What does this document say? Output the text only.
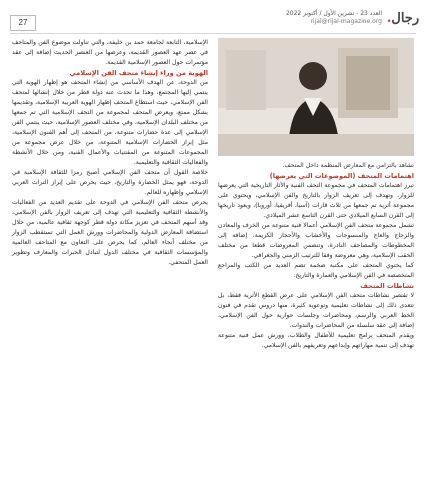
27
العدد 23 - تشرين الأول / أكتوبر 2022
rijal@rijal-magazine.org رجال.

الإسلامية، التابعة لجامعة حمد بن خليفة، والتي تناولت موضوع الفن والمتاحف في عصر عهد العصور القديمة، وعرضها من العنصر الحديث إضافة إلى عقد مؤتمرات حول العصور الإسلامية القديمة.

الهوية من وراء إنشاء متحف الفن الإسلامي

من الدوحة، عن الهدف الأساسي من إنشاء المتحف هو إظهار الهوية التي ينتمي إليها المجتمع، وهذا ما تحدث عنه دولة قطر من خلال إنشائها لمتحف الفن الإسلامي، حيث استطاع المتحف إظهار الهوية العربية الإسلامية، وتقديمها بشكل ممتع، ويعرض المتحف لمجموعة من التحف الإسلامية التي تم جمعها من مختلف البلدان الإسلامية، وفي مختلف العصور الإسلامية، حيث ينتمي الفن الإسلامي إلى عدة حضارات متنوعة، من المتحف إلى أهم الفنون الإسلامية، مثل إبراز الحضارات الإسلامية المتنوعة، من خلال عرض مجموعة من المجموعات المتنوعة من المقتنيات والأعمال الفنية، ومن خلال الأنشطة والفعاليات الثقافية والتعليمية.

خلاصة القول أن متحف الفن الإسلامي أصبح رمزا للثقافة الإسلامية في الدوحة، فهو يمثل الحضارة والتاريخ، حيث يحرص على إبراز التراث العربي الإسلامي وإظهاره للعالم.

يحرص متحف الفن الإسلامي في الدوحة على تقديم العديد من الفعاليات والأنشطة الثقافية والتعليمية التي تهدف إلى تعريف الزوار بالفن الإسلامي، وقد أسهم المتحف في تعزيز مكانة دولة قطر كوجهة ثقافية عالمية، من خلال استضافة المعارض الدولية والمحاضرات وورش العمل التي تستقطب الزوار من مختلف أنحاء العالم، كما يحرص على التعاون مع المتاحف العالمية والمؤسسات الثقافية في مختلف الدول لتبادل الخبرات والمعارف وتطوير العمل المتحفي.

تشاهد بالتزامن مع المعارض المنظمة داخل المتحف.

اهتمامات المتحف (الموضوعات التي يعرضها)

تبرز اهتمامات المتحف في مجموعة التحف الفنية والآثار التاريخية التي يعرضها للزوار، وتهدف إلى تعريف الزوار بالتاريخ والفن الإسلامي، ويحتوي على مجموعة أثرية تم جمعها من ثلاث قارات (آسيا، أفريقيا، أوروبا)، ويعود تاريخها إلى القرن السابع الميلادي حتى القرن التاسع عشر الميلادي.

تشمل مجموعة متحف الفن الإسلامي أعمالا فنية متنوعة من الخزف والمعادن والزجاج والعاج والمنسوجات والأخشاب والأحجار الكريمة، إضافة إلى المخطوطات والمصاحف النادرة، وتتضمن المعروضات قطعا من مختلف الحقب الإسلامية، وهي معروضة وفقا للترتيب الزمني والجغرافي.

كما يحتوي المتحف على مكتبة ضخمة تضم العديد من الكتب والمراجع المتخصصة في الفن الإسلامي والعمارة والتاريخ.

نشاطات المتحف

لا تقتصر نشاطات متحف الفن الإسلامي على عرض القطع الأثرية فقط، بل تتعدى ذلك إلى نشاطات تعليمية وتوعوية كثيرة، منها دروس تقدم في فنون الخط العربي والرسم، ومحاضرات وجلسات حوارية حول الفن الإسلامي، إضافة إلى عقد سلسلة من المحاضرات والندوات.

ويقدم المتحف برامج تعليمية للأطفال والطلاب، وورش عمل فنية متنوعة تهدف إلى تنمية مهاراتهم وإبداعهم وتعريفهم بالفن الإسلامي.
